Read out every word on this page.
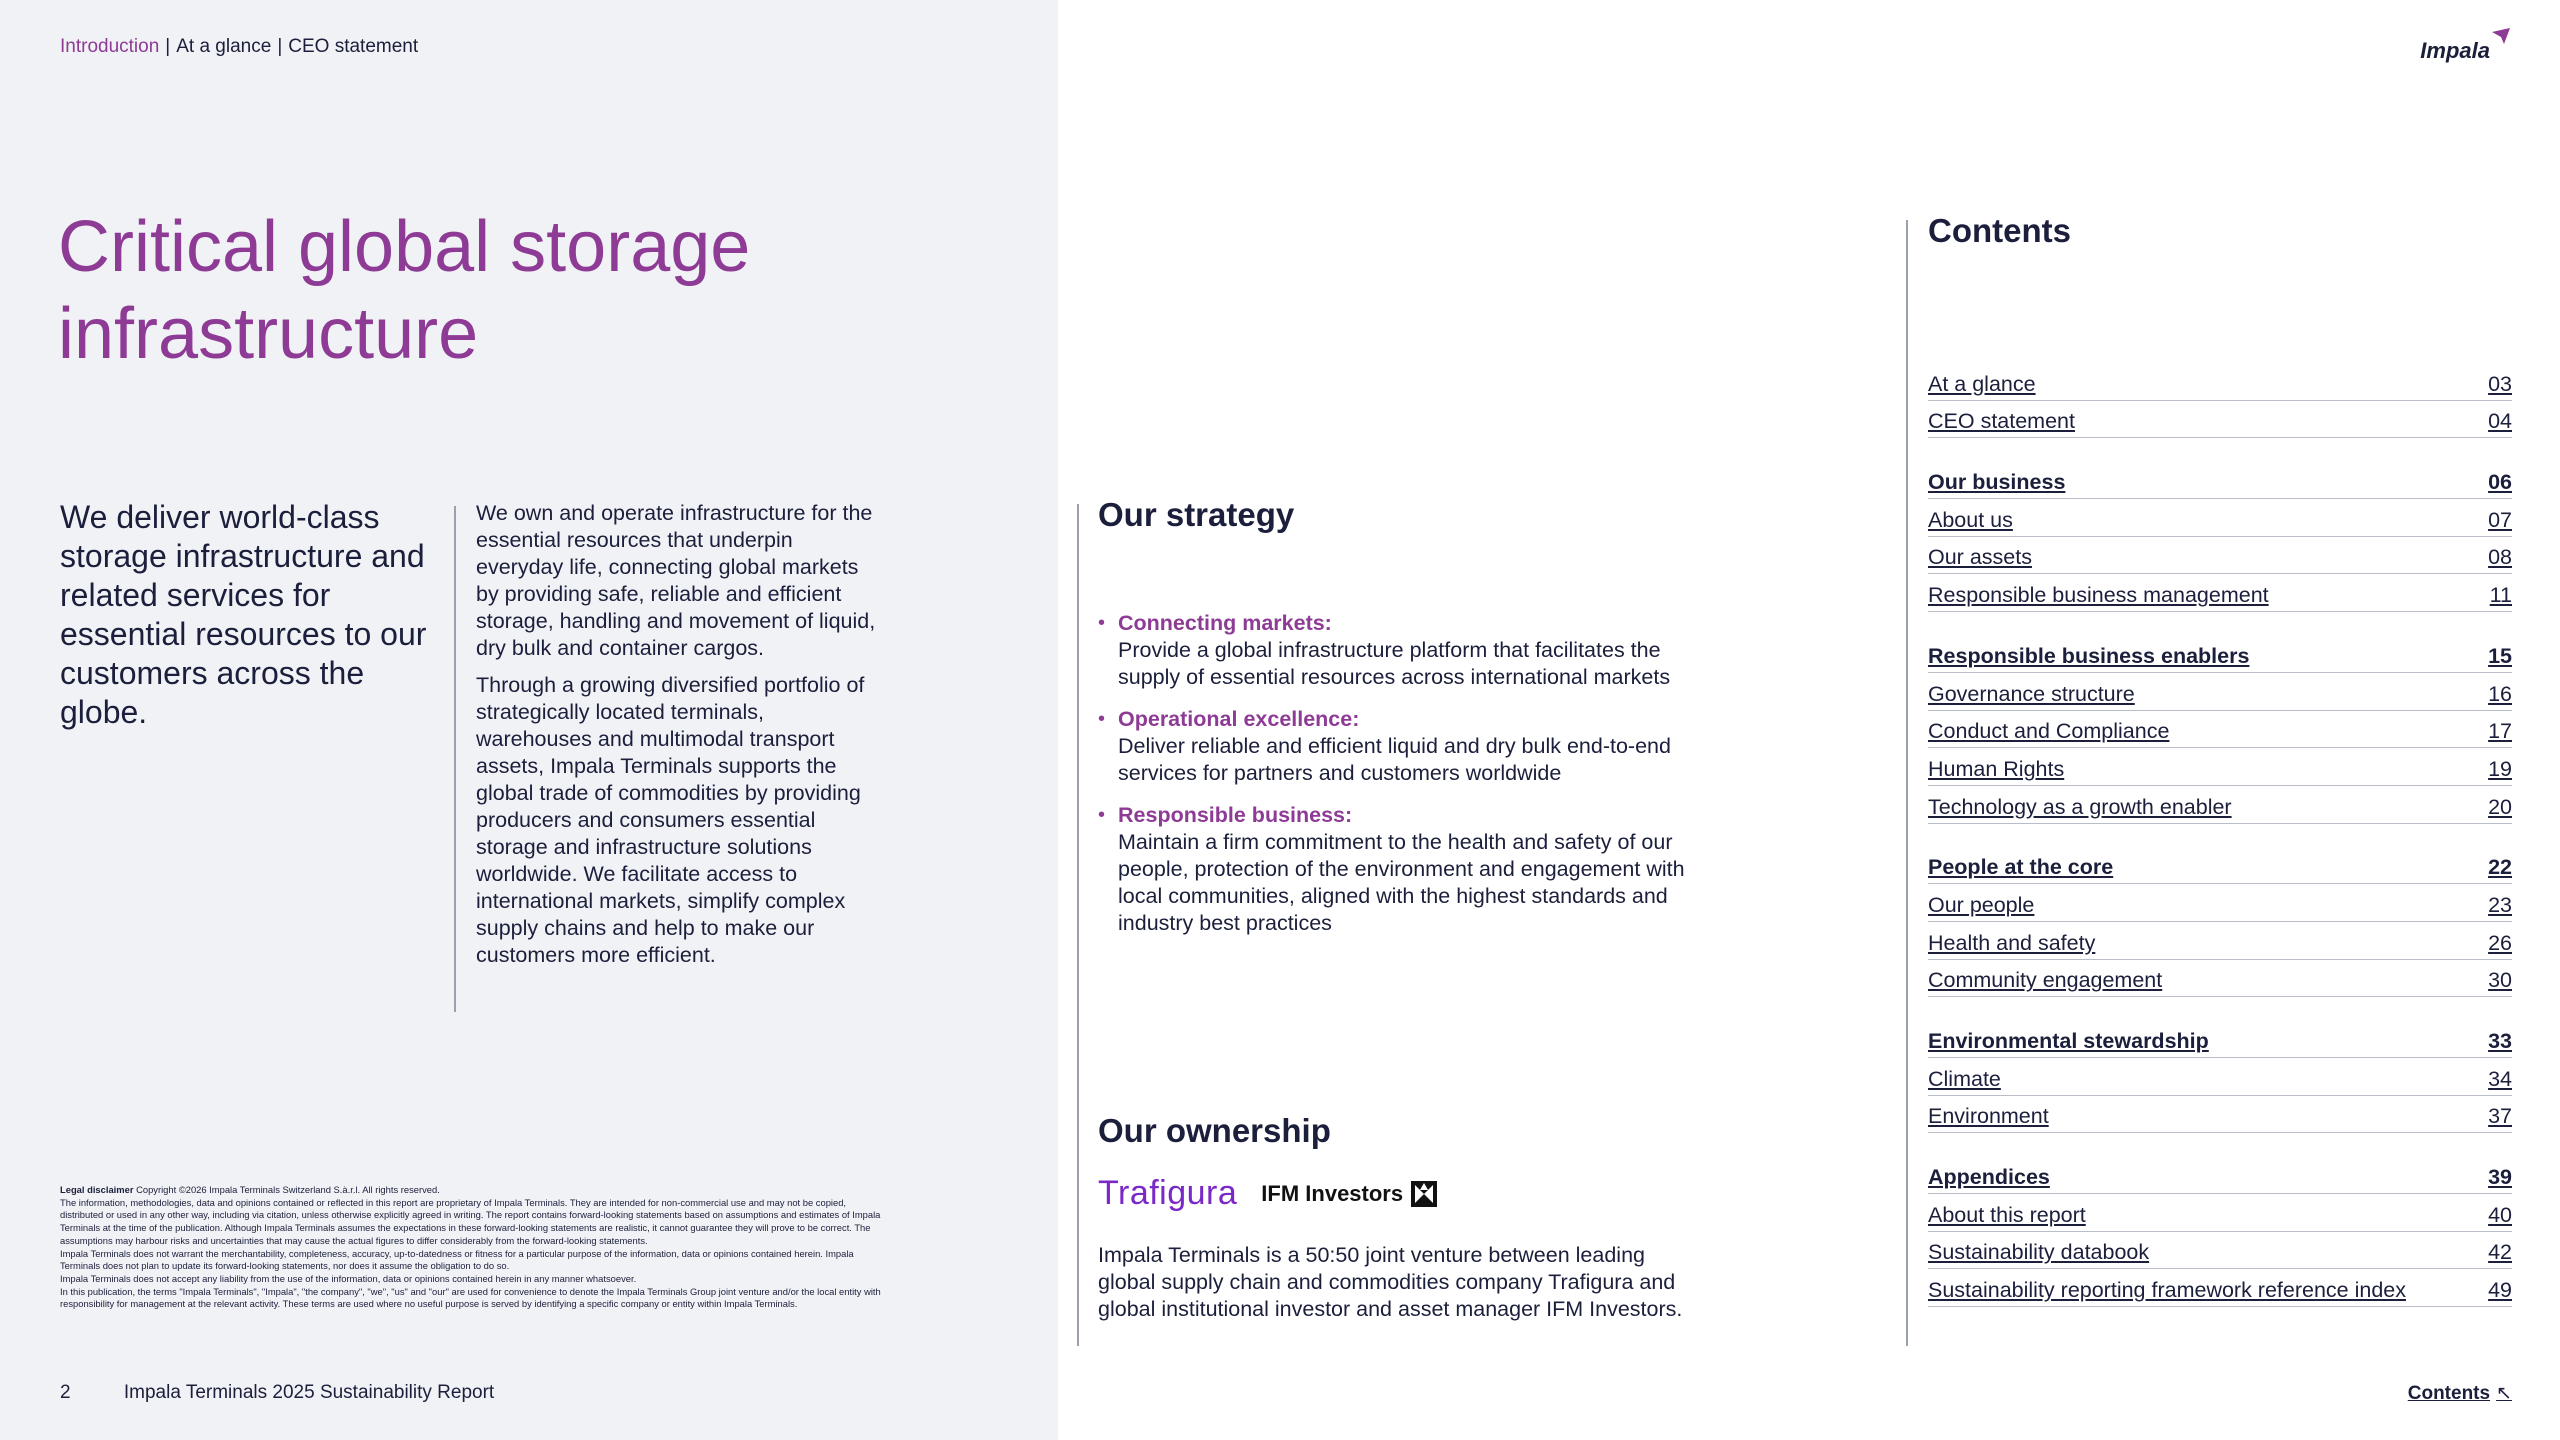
Introduction | At a glance | CEO statement	Impala
Critical global storage
infrastructure

We deliver world-class storage infrastructure and related services for essential resources to our customers across the globe.

We own and operate infrastructure for the essential resources that underpin everyday life, connecting global markets by providing safe, reliable and efficient storage, handling and movement of liquid, dry bulk and container cargos.

Through a growing diversified portfolio of strategically located terminals, warehouses and multimodal transport assets, Impala Terminals supports the global trade of commodities by providing producers and consumers essential storage and infrastructure solutions worldwide. We facilitate access to international markets, simplify complex supply chains and help to make our customers more efficient.

Legal disclaimer Copyright ©2026 Impala Terminals Switzerland S.à.r.l. All rights reserved.
The information, methodologies, data and opinions contained or reflected in this report are proprietary of Impala Terminals. They are intended for non-commercial use and may not be copied, distributed or used in any other way, including via citation, unless otherwise explicitly agreed in writing. The report contains forward-looking statements based on assumptions and estimates of Impala Terminals at the time of the publication. Although Impala Terminals assumes the expectations in these forward-looking statements are realistic, it cannot guarantee they will prove to be correct. The assumptions may harbour risks and uncertainties that may cause the actual figures to differ considerably from the forward-looking statements.
Impala Terminals does not warrant the merchantability, completeness, accuracy, up-to-datedness or fitness for a particular purpose of the information, data or opinions contained herein. Impala Terminals does not plan to update its forward-looking statements, nor does it assume the obligation to do so.
Impala Terminals does not accept any liability from the use of the information, data or opinions contained herein in any manner whatsoever.
In this publication, the terms "Impala Terminals", "Impala", "the company", "we", "us" and "our" are used for convenience to denote the Impala Terminals Group joint venture and/or the local entity with responsibility for management at the relevant activity. These terms are used where no useful purpose is served by identifying a specific company or entity within Impala Terminals.
2	Impala Terminals 2025 Sustainability Report	Contents ↖
Our strategy
• Connecting markets:
Provide a global infrastructure platform that facilitates the supply of essential resources across international markets
• Operational excellence:
Deliver reliable and efficient liquid and dry bulk end-to-end services for partners and customers worldwide
• Responsible business:
Maintain a firm commitment to the health and safety of our people, protection of the environment and engagement with local communities, aligned with the highest standards and industry best practices
Our ownership
Trafigura IFM Investors

Impala Terminals is a 50:50 joint venture between leading global supply chain and commodities company Trafigura and global institutional investor and asset manager IFM Investors.

Contents
At a glance	03
CEO statement	04
Our business	06
About us	07
Our assets	08
Responsible business management	11
Responsible business enablers	15
Governance structure	16
Conduct and Compliance	17
Human Rights	19
Technology as a growth enabler	20
People at the core	22
Our people	23
Health and safety	26
Community engagement	30
Environmental stewardship	33
Climate	34
Environment	37
Appendices	39
About this report	40
Sustainability databook	42
Sustainability reporting framework reference index	49
